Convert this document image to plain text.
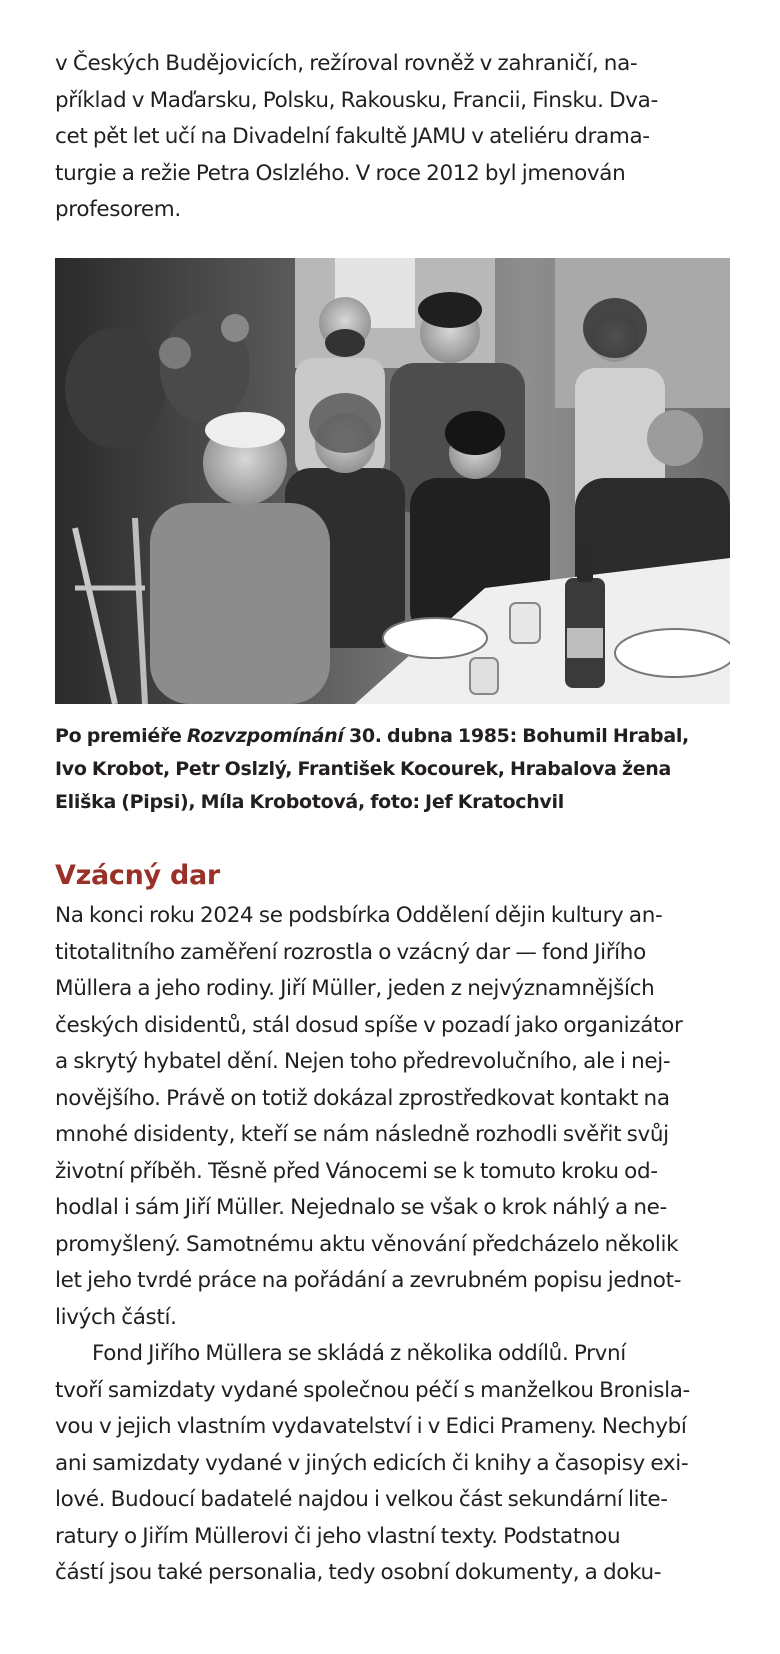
v Českých Budějovicích, režíroval rovněž v zahraničí, na-
příklad v Maďarsku, Polsku, Rakousku, Francii, Finsku. Dva-
cet pět let učí na Divadelní fakultě JAMU v ateliéru drama-
turgie a režie Petra Oslzlého. V roce 2012 byl jmenován
profesorem.
Po premiéře Rozvzpomínání 30. dubna 1985: Bohumil Hrabal,
Ivo Krobot, Petr Oslzlý, František Kocourek, Hrabalova žena
Eliška (Pipsi), Míla Krobotová, foto: Jef Kratochvil
Vzácný dar
Na konci roku 2024 se podsbírka Oddělení dějin kultury an-
titotalitního zaměření rozrostla o vzácný dar — fond Jiřího
Müllera a jeho rodiny. Jiří Müller, jeden z nejvýznamnějších
českých disidentů, stál dosud spíše v pozadí jako organizátor
a skrytý hybatel dění. Nejen toho předrevolučního, ale i nej-
novějšího. Právě on totiž dokázal zprostředkovat kontakt na
mnohé disidenty, kteří se nám následně rozhodli svěřit svůj
životní příběh. Těsně před Vánocemi se k tomuto kroku od-
hodlal i sám Jiří Müller. Nejednalo se však o krok náhlý a ne-
promyšlený. Samotnému aktu věnování předcházelo několik
let jeho tvrdé práce na pořádání a zevrubném popisu jednot-
livých částí.
Fond Jiřího Müllera se skládá z několika oddílů. První
tvoří samizdaty vydané společnou péčí s manželkou Bronisla-
vou v jejich vlastním vydavatelství i v Edici Prameny. Nechybí
ani samizdaty vydané v jiných edicích či knihy a časopisy exi-
lové. Budoucí badatelé najdou i velkou část sekundární lite-
ratury o Jiřím Müllerovi či jeho vlastní texty. Podstatnou
částí jsou také personalia, tedy osobní dokumenty, a doku-
